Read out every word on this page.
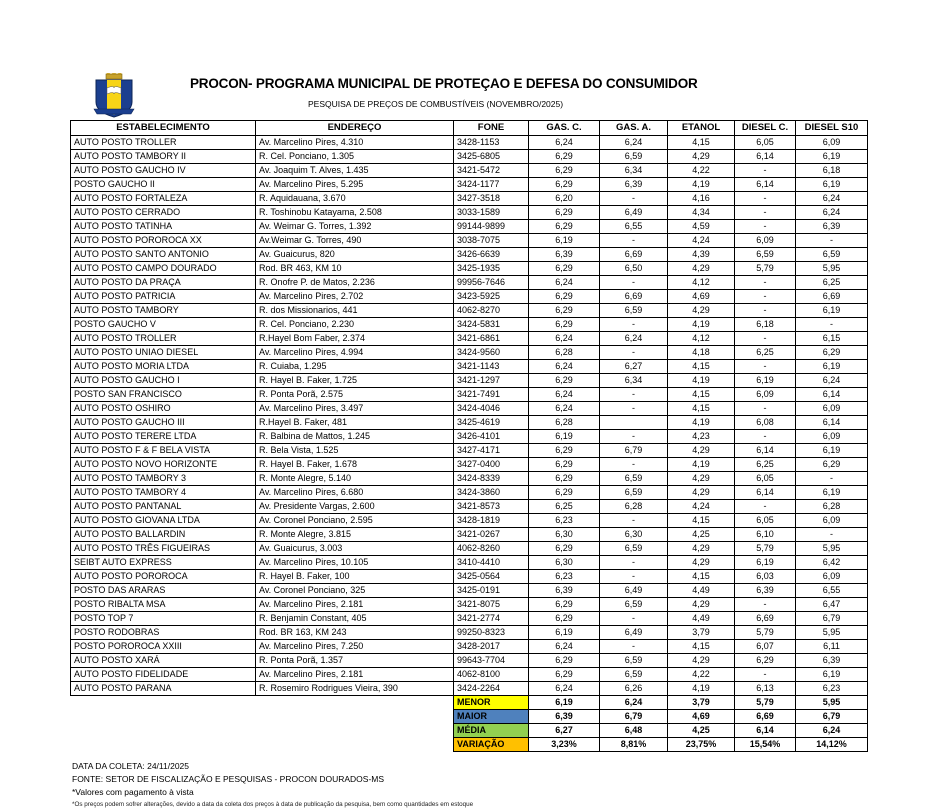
PROCON- PROGRAMA MUNICIPAL DE PROTEÇAO E DEFESA DO CONSUMIDOR
PESQUISA DE PREÇOS DE COMBUSTÍVEIS (NOVEMBRO/2025)
ESTABELECIMENTO	ENDEREÇO	FONE	GAS. C.	GAS. A.	ETANOL	DIESEL C.	DIESEL S10
AUTO POSTO TROLLER	Av. Marcelino Pires, 4.310	3428-1153	6,24	6,24	4,15	6,05	6,09
AUTO POSTO TAMBORY II	R. Cel. Ponciano, 1.305	3425-6805	6,29	6,59	4,29	6,14	6,19
AUTO POSTO GAUCHO IV	Av. Joaquim T. Alves, 1.435	3421-5472	6,29	6,34	4,22	-	6,18
POSTO GAUCHO II	Av. Marcelino Pires, 5.295	3424-1177	6,29	6,39	4,19	6,14	6,19
AUTO POSTO FORTALEZA	R. Aquidauana, 3.670	3427-3518	6,20	-	4,16	-	6,24
AUTO POSTO CERRADO	R. Toshinobu Katayama, 2.508	3033-1589	6,29	6,49	4,34	-	6,24
AUTO POSTO TATINHA	Av. Weimar G. Torres, 1.392	99144-9899	6,29	6,55	4,59	-	6,39
AUTO POSTO POROROCA XX	Av.Weimar G. Torres, 490	3038-7075	6,19	-	4,24	6,09	-
AUTO POSTO SANTO ANTONIO	Av. Guaicurus, 820	3426-6639	6,39	6,69	4,39	6,59	6,59
AUTO POSTO CAMPO DOURADO	Rod. BR 463, KM 10	3425-1935	6,29	6,50	4,29	5,79	5,95
AUTO POSTO DA PRAÇA	R. Onofre P. de Matos, 2.236	99956-7646	6,24	-	4,12	-	6,25
AUTO POSTO PATRICIA	Av. Marcelino Pires, 2.702	3423-5925	6,29	6,69	4,69	-	6,69
AUTO POSTO TAMBORY	R. dos Missionarios, 441	4062-8270	6,29	6,59	4,29	-	6,19
POSTO GAUCHO V	R. Cel. Ponciano, 2.230	3424-5831	6,29	-	4,19	6,18	-
AUTO POSTO TROLLER	R.Hayel Bom Faber, 2.374	3421-6861	6,24	6,24	4,12	-	6,15
AUTO POSTO UNIAO DIESEL	Av. Marcelino Pires, 4.994	3424-9560	6,28	-	4,18	6,25	6,29
AUTO POSTO MORIA LTDA	R. Cuiaba, 1.295	3421-1143	6,24	6,27	4,15	-	6,19
AUTO POSTO GAUCHO I	R. Hayel B. Faker, 1.725	3421-1297	6,29	6,34	4,19	6,19	6,24
POSTO SAN FRANCISCO	R. Ponta Porã, 2.575	3421-7491	6,24	-	4,15	6,09	6,14
AUTO POSTO OSHIRO	Av. Marcelino Pires, 3.497	3424-4046	6,24	-	4,15	-	6,09
AUTO POSTO GAUCHO III	R.Hayel B. Faker, 481	3425-4619	6,28		4,19	6,08	6,14
AUTO POSTO TERERE LTDA	R. Balbina de Mattos, 1.245	3426-4101	6,19	-	4,23	-	6,09
AUTO POSTO F & F BELA VISTA	R. Bela Vista, 1.525	3427-4171	6,29	6,79	4,29	6,14	6,19
AUTO POSTO NOVO HORIZONTE	R. Hayel B. Faker, 1.678	3427-0400	6,29	-	4,19	6,25	6,29
AUTO POSTO TAMBORY 3	R. Monte Alegre, 5.140	3424-8339	6,29	6,59	4,29	6,05	-
AUTO POSTO TAMBORY 4	Av. Marcelino Pires, 6.680	3424-3860	6,29	6,59	4,29	6,14	6,19
AUTO POSTO PANTANAL	Av. Presidente Vargas, 2.600	3421-8573	6,25	6,28	4,24	-	6,28
AUTO POSTO GIOVANA LTDA	Av. Coronel Ponciano, 2.595	3428-1819	6,23	-	4,15	6,05	6,09
AUTO POSTO BALLARDIN	R. Monte Alegre, 3.815	3421-0267	6,30	6,30	4,25	6,10	-
AUTO POSTO TRÊS FIGUEIRAS	Av. Guaicurus, 3.003	4062-8260	6,29	6,59	4,29	5,79	5,95
SEIBT AUTO EXPRESS	Av. Marcelino Pires, 10.105	3410-4410	6,30	-	4,29	6,19	6,42
AUTO POSTO POROROCA	R. Hayel B. Faker, 100	3425-0564	6,23	-	4,15	6,03	6,09
POSTO DAS ARARAS	Av. Coronel Ponciano, 325	3425-0191	6,39	6,49	4,49	6,39	6,55
POSTO RIBALTA MSA	Av. Marcelino Pires, 2.181	3421-8075	6,29	6,59	4,29	-	6,47
POSTO TOP 7	R. Benjamin Constant, 405	3421-2774	6,29	-	4,49	6,69	6,79
POSTO RODOBRAS	Rod. BR 163, KM 243	99250-8323	6,19	6,49	3,79	5,79	5,95
POSTO POROROCA XXIII	Av. Marcelino Pires, 7.250	3428-2017	6,24	-	4,15	6,07	6,11
AUTO POSTO XARÁ	R. Ponta Porã, 1.357	99643-7704	6,29	6,59	4,29	6,29	6,39
AUTO POSTO FIDELIDADE	Av. Marcelino Pires, 2.181	4062-8100	6,29	6,59	4,22	-	6,19
AUTO POSTO PARANA	R. Rosemiro Rodrigues Vieira, 390	3424-2264	6,24	6,26	4,19	6,13	6,23
		MENOR	6,19	6,24	3,79	5,79	5,95
		MAIOR	6,39	6,79	4,69	6,69	6,79
		MÉDIA	6,27	6,48	4,25	6,14	6,24
		VARIAÇÃO	3,23%	8,81%	23,75%	15,54%	14,12%
DATA DA COLETA: 24/11/2025
FONTE: SETOR DE FISCALIZAÇÃO E PESQUISAS - PROCON DOURADOS-MS
*Valores com pagamento à vista
*Os preços podem sofrer alterações, devido a data da coleta dos preços à data de publicação da pesquisa, bem como quantidades em estoque
